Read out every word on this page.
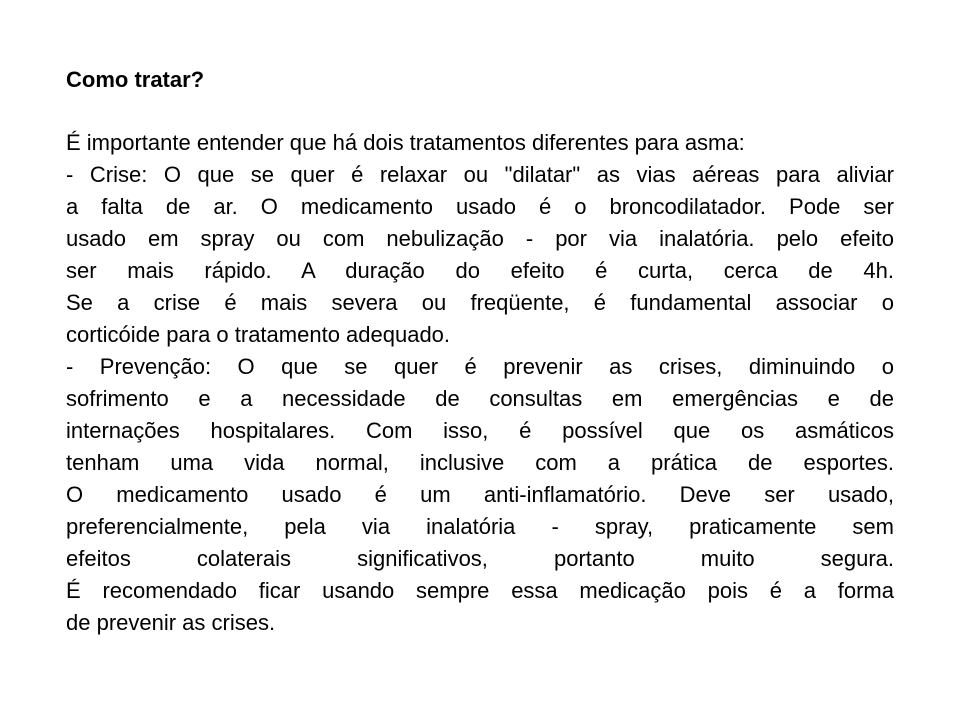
Como tratar?
É importante entender que há dois tratamentos diferentes para asma:
- Crise: O que se quer é relaxar ou "dilatar" as vias aéreas para aliviar
a falta de ar. O medicamento usado é o broncodilatador. Pode ser
usado em spray ou com nebulização - por via inalatória. pelo efeito
ser mais rápido. A duração do efeito é curta, cerca de 4h.
Se a crise é mais severa ou freqüente, é fundamental associar o
corticóide para o tratamento adequado.
- Prevenção: O que se quer é prevenir as crises, diminuindo o
sofrimento e a necessidade de consultas em emergências e de
internações hospitalares. Com isso, é possível que os asmáticos
tenham uma vida normal, inclusive com a prática de esportes.
O medicamento usado é um anti-inflamatório. Deve ser usado,
preferencialmente, pela via inalatória - spray, praticamente sem
efeitos colaterais significativos, portanto muito segura.
É recomendado ficar usando sempre essa medicação pois é a forma
de prevenir as crises.
